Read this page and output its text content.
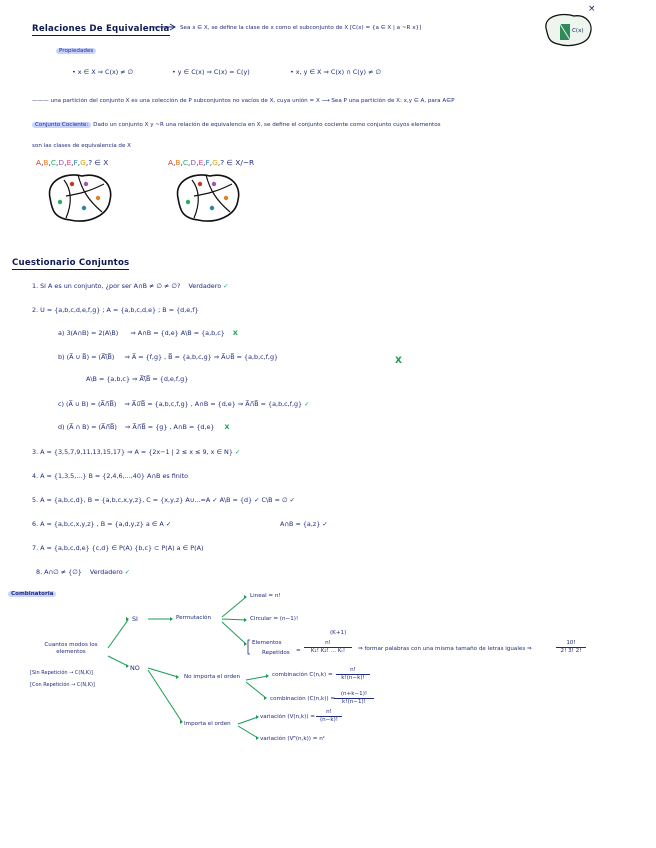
Relaciones De Equivalencia Sea x ∈ X, se define la clase de x como el subconjunto de X [C(x) = {a ∈ X | a ~R x}]	C(x)
×
Propiedades
• x ∈ X ⇒ C(x) ≠ ∅	• y ∈ C(x) ⇒ C(x) = C(y)	• x, y ∈ X ⇒ C(x) ∩ C(y) ≠ ∅
——— una partición del conjunto X es una colección de P subconjuntos no vacíos de X, cuya unión = X ⟶ Sea P una partición de X: x,y ∈ A, para A∈P
Conjunto Cociente: Dado un conjunto X y ~R una relación de equivalencia en X, se define el conjunto cociente como conjunto cuyos elementos
son las clases de equivalencia de X
A,B,C,D,E,F,G,? ∈ X	A,B,C,D,E,F,G,? ∈ X/~R
Cuestionario Conjuntos
1. Si A es un conjunto, ¿por ser A∩B ≠ ∅ ≠ ∅? Verdadero ✓
2. U = {a,b,c,d,e,f,g} ; A = {a,b,c,d,e} ; B = {d,e,f}
a) 3(A∩B) = 2(A\B) ⇒ A∩B = {d,e} A\B = {a,b,c} X
b) (A̅ ∪ B̅) = (A̅\̅B̅) ⇒ A̅ = {f,g} , B̅ = {a,b,c,g} ⇒ A̅∪B̅ = {a,b,c,f,g}	X
A\B = {a,b,c} ⇒ A̅\̅B̅ = {d,e,f,g}
c) (A̅ ∪ B) = (A̅∩̅B̅) ⇒ A̅∪̅B̅ = {a,b,c,f,g} , A∩B = {d,e} ⇒ A̅∩̅B̅ = {a,b,c,f,g} ✓
d) (A̅ ∩ B) = (A̅∩̅B̅) ⇒ A̅∩̅B̅ = {g} , A∩B = {d,e} X
3. A = {3,5,7,9,11,13,15,17} ⇒ A = {2x−1 | 2 ≤ x ≤ 9, x ∈ N} ✓
4. A = {1,3,5,...} B = {2,4,6,...,40} A∩B es finito
5. A = {a,b,c,d}, B = {a,b,c,x,y,z}, C = {x,y,z} A∪...=A ✓ A\B = {d} ✓ C\B = ∅ ✓
6. A = {a,b,c,x,y,z} , B = {a,d,y,z} a ∈ A ✓	A∩B = {a,z} ✓
7. A = {a,b,c,d,e} {c,d} ∈ P(A) {b,c} ⊂ P(A) a ∈ P(A)
8. A∩∅ ≠ {∅} Verdadero ✓
Combinatoria
Cuantos modos los elementos
[Sin Repetición → C(N,K)]
[Con Repetición → C(N,K)]
SI
NO
Permutación
Lineal = n!
Circular = (n−1)!
Elementos
Repetidos =
n!
K₁! K₂! ... Kᵣ!
(K+1)
⇒ formar palabras con una misma tamaño de letras iguales ⇒
10!
2! 3! 2!
No importa el orden	combinación C(n,k) =
n!
k!(n−k)!
combinación (C(n,k)) =
(n+k−1)!
k!(n−1)!
Importa el orden
variación (V(n,k)) =
n!
(n−k)!
variación (Vᴿ(n,k)) = nᵏ
